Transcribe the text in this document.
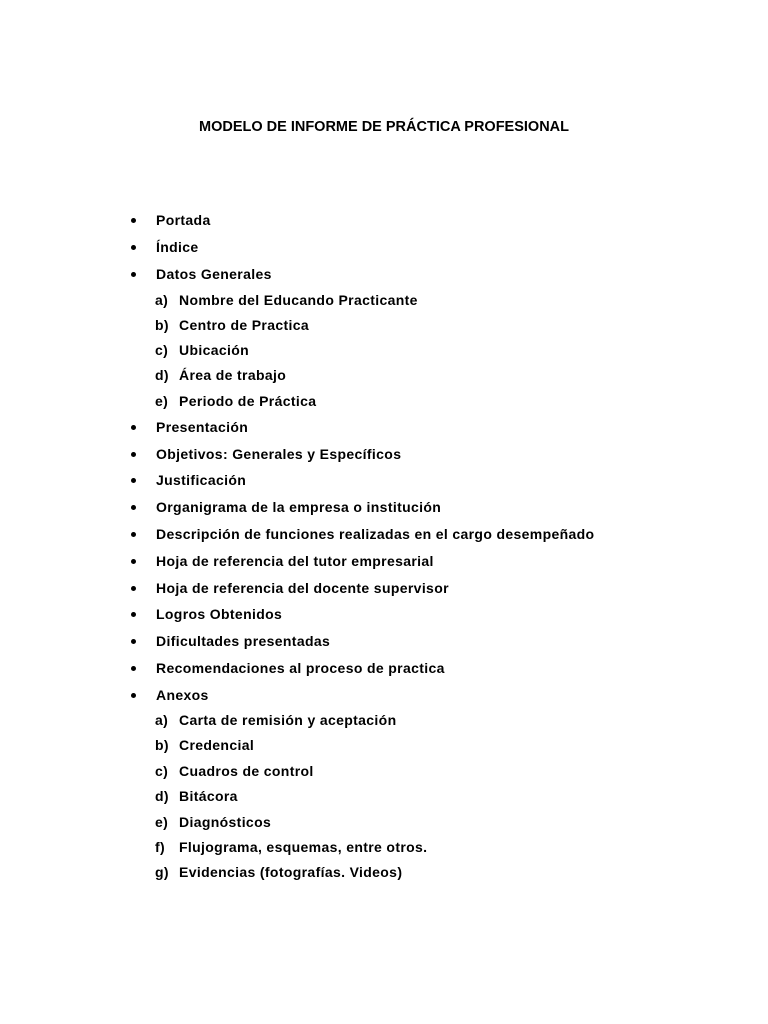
MODELO DE INFORME DE PRÁCTICA PROFESIONAL
Portada
Índice
Datos Generales
a) Nombre del Educando Practicante
b) Centro de Practica
c) Ubicación
d) Área de trabajo
e) Periodo de Práctica
Presentación
Objetivos: Generales y Específicos
Justificación
Organigrama de la empresa o institución
Descripción de funciones realizadas en el cargo desempeñado
Hoja de referencia del tutor empresarial
Hoja de referencia del docente supervisor
Logros Obtenidos
Dificultades presentadas
Recomendaciones al proceso de practica
Anexos
a) Carta de remisión y aceptación
b) Credencial
c) Cuadros de control
d) Bitácora
e) Diagnósticos
f) Flujograma, esquemas, entre otros.
g) Evidencias (fotografías. Videos)
